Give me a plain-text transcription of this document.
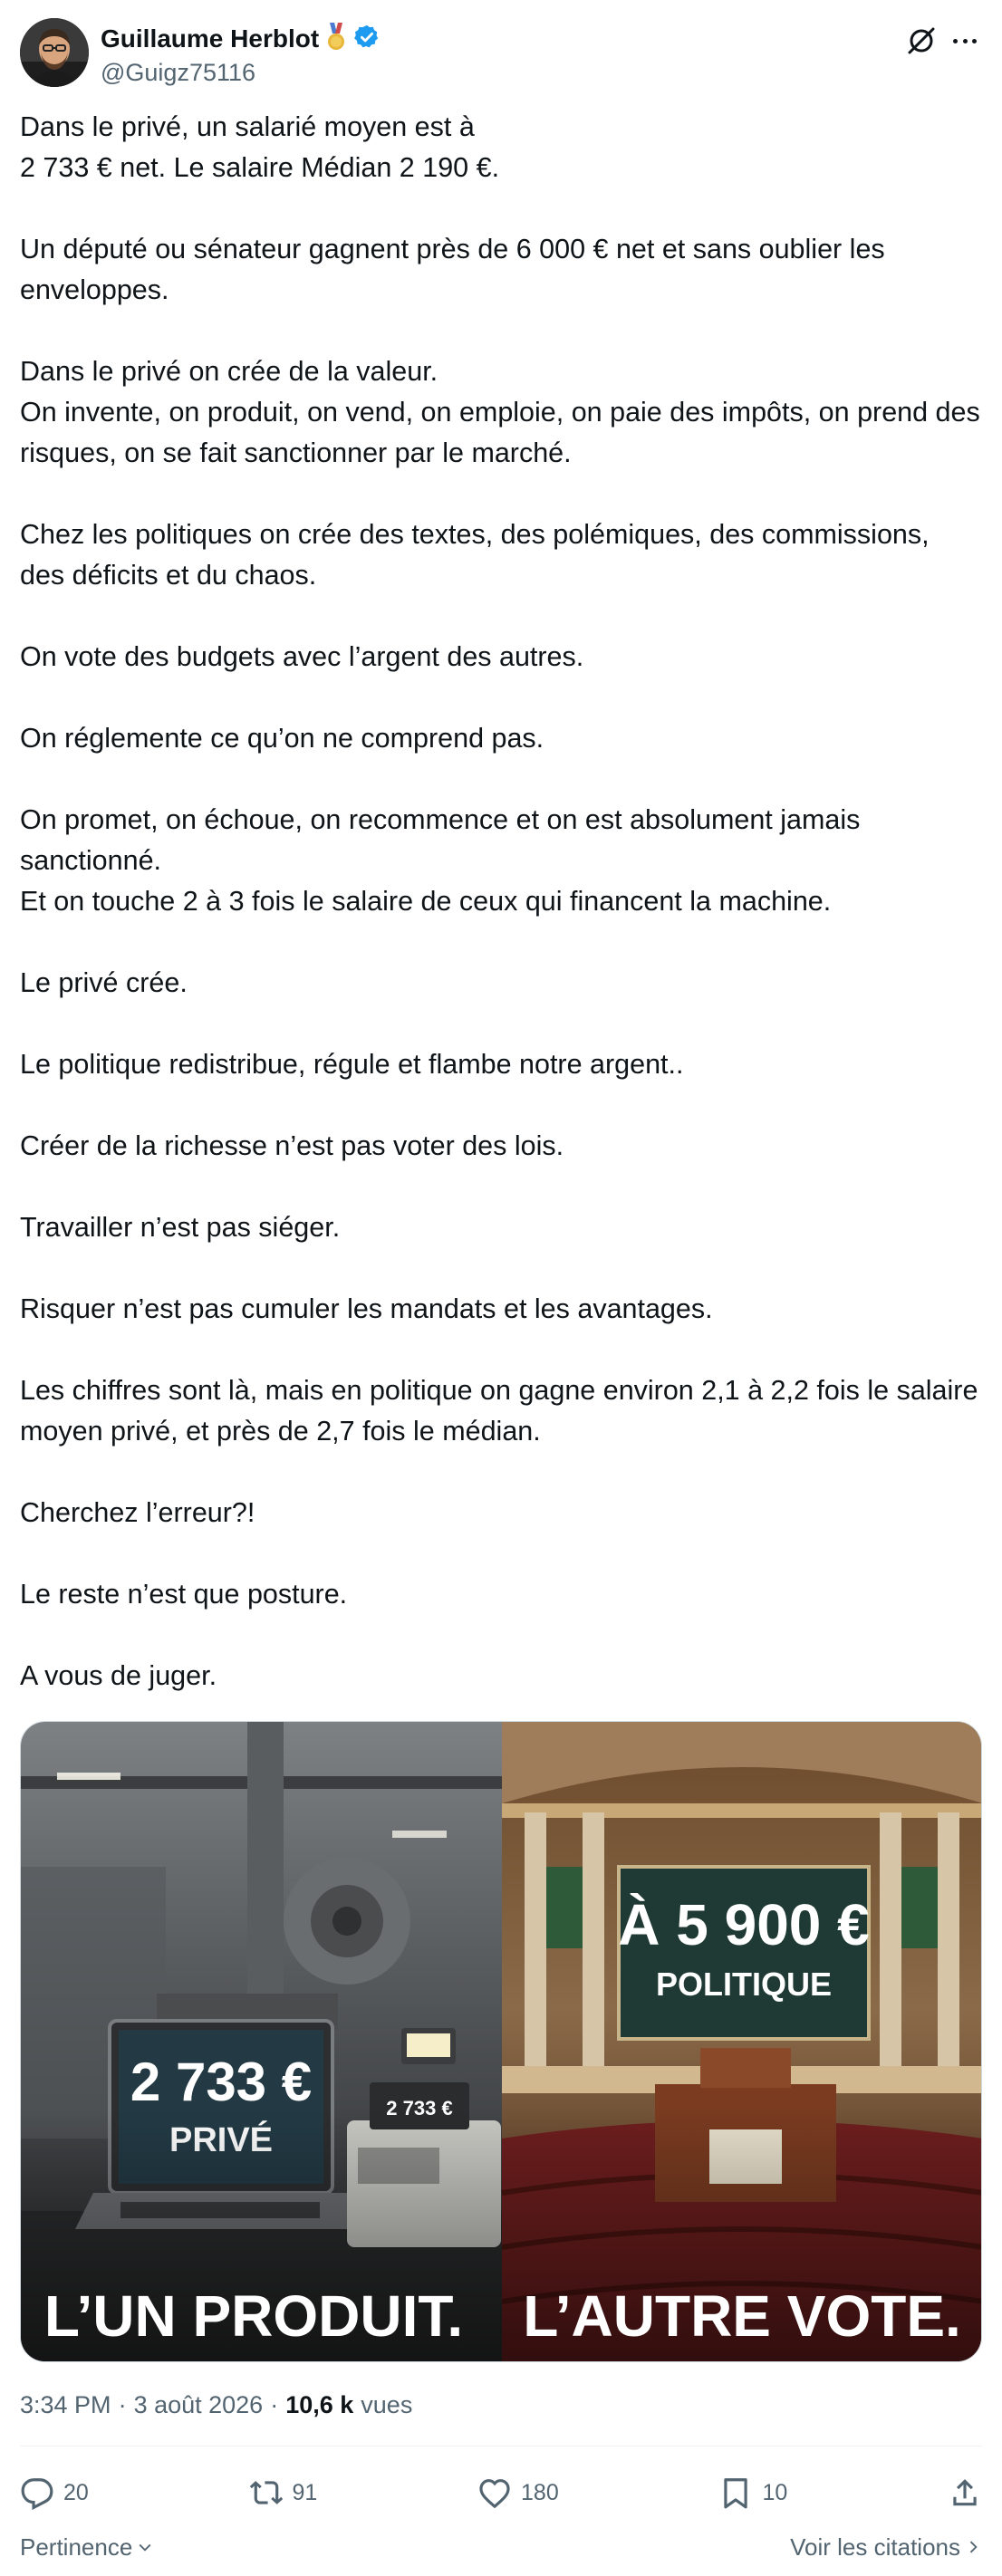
Guillaume Herblot
@Guigz75116

Dans le privé, un salarié moyen est à
2 733 € net. Le salaire Médian 2 190 €.

Un député ou sénateur gagnent près de 6 000 € net et sans oublier les enveloppes.

Dans le privé on crée de la valeur.
On invente, on produit, on vend, on emploie, on paie des impôts, on prend des risques, on se fait sanctionner par le marché.

Chez les politiques on crée des textes, des polémiques, des commissions, des déficits et du chaos.

On vote des budgets avec l’argent des autres.

On réglemente ce qu’on ne comprend pas.

On promet, on échoue, on recommence et on est absolument jamais sanctionné.
Et on touche 2 à 3 fois le salaire de ceux qui financent la machine.

Le privé crée.

Le politique redistribue, régule et flambe notre argent..

Créer de la richesse n’est pas voter des lois.

Travailler n’est pas siéger.

Risquer n’est pas cumuler les mandats et les avantages.

Les chiffres sont là, mais en politique on gagne environ 2,1 à 2,2 fois le salaire moyen privé, et près de 2,7 fois le médian.

Cherchez l’erreur?!

Le reste n’est que posture.

A vous de juger.

L’UN PRODUIT. L’AUTRE VOTE.
3:34 PM · 3 août 2026 · 10,6 k vues
20	91	180	10
Pertinence	Voir les citations
